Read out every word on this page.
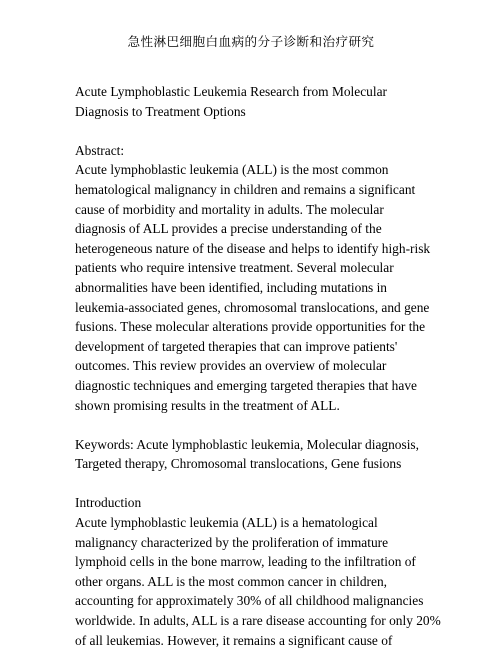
急性淋巴细胞白血病的分子诊断和治疗研究
Acute Lymphoblastic Leukemia Research from Molecular
Diagnosis to Treatment Options
Abstract:
Acute lymphoblastic leukemia (ALL) is the most common
hematological malignancy in children and remains a significant
cause of morbidity and mortality in adults. The molecular
diagnosis of ALL provides a precise understanding of the
heterogeneous nature of the disease and helps to identify high-risk
patients who require intensive treatment. Several molecular
abnormalities have been identified, including mutations in
leukemia-associated genes, chromosomal translocations, and gene
fusions. These molecular alterations provide opportunities for the
development of targeted therapies that can improve patients'
outcomes. This review provides an overview of molecular
diagnostic techniques and emerging targeted therapies that have
shown promising results in the treatment of ALL.
Keywords: Acute lymphoblastic leukemia, Molecular diagnosis,
Targeted therapy, Chromosomal translocations, Gene fusions
Introduction
Acute lymphoblastic leukemia (ALL) is a hematological
malignancy characterized by the proliferation of immature
lymphoid cells in the bone marrow, leading to the infiltration of
other organs. ALL is the most common cancer in children,
accounting for approximately 30% of all childhood malignancies
worldwide. In adults, ALL is a rare disease accounting for only 20%
of all leukemias. However, it remains a significant cause of
